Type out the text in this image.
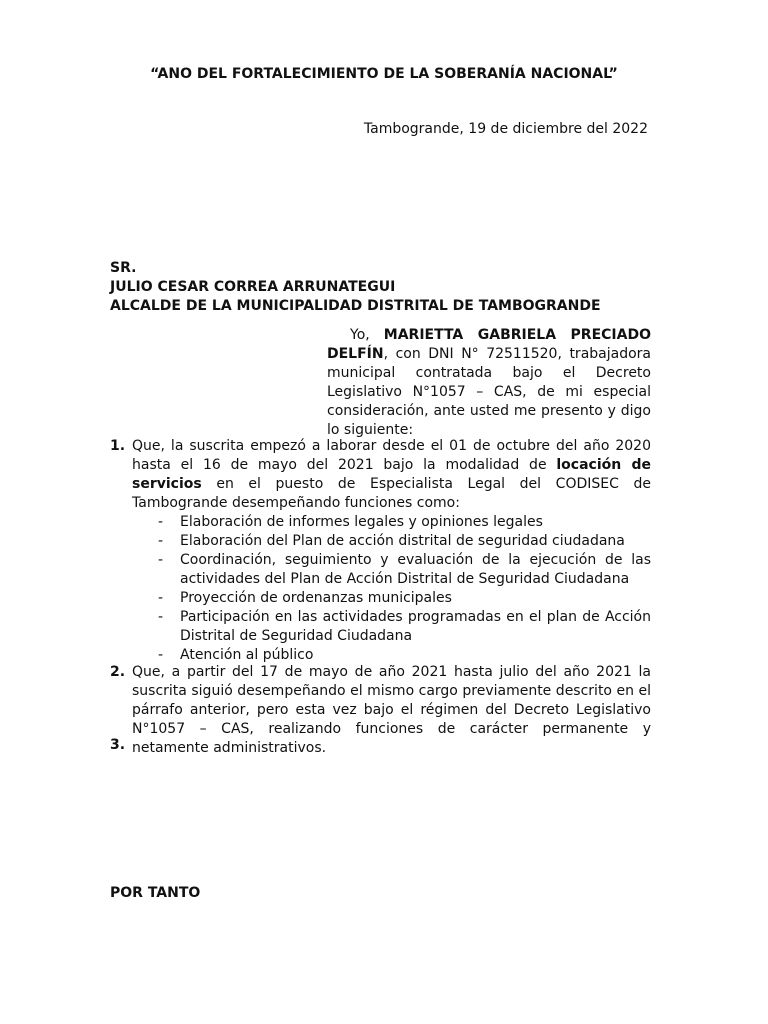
“ANO DEL FORTALECIMIENTO DE LA SOBERANÍA NACIONAL”
Tambogrande, 19 de diciembre del 2022
SR.
JULIO CESAR CORREA ARRUNATEGUI
ALCALDE DE LA MUNICIPALIDAD DISTRITAL DE TAMBOGRANDE
Yo, MARIETTA GABRIELA PRECIADO DELFÍN, con DNI N° 72511520, trabajadora municipal contratada bajo el Decreto Legislativo N°1057 – CAS, de mi especial consideración, ante usted me presento y digo lo siguiente:
1. Que, la suscrita empezó a laborar desde el 01 de octubre del año 2020 hasta el 16 de mayo del 2021 bajo la modalidad de locación de servicios en el puesto de Especialista Legal del CODISEC de Tambogrande desempeñando funciones como:
- Elaboración de informes legales y opiniones legales
- Elaboración del Plan de acción distrital de seguridad ciudadana
- Coordinación, seguimiento y evaluación de la ejecución de las actividades del Plan de Acción Distrital de Seguridad Ciudadana
- Proyección de ordenanzas municipales
- Participación en las actividades programadas en el plan de Acción Distrital de Seguridad Ciudadana
- Atención al público
2. Que, a partir del 17 de mayo de año 2021 hasta julio del año 2021 la suscrita siguió desempeñando el mismo cargo previamente descrito en el párrafo anterior, pero esta vez bajo el régimen del Decreto Legislativo N°1057 – CAS, realizando funciones de carácter permanente y netamente administrativos.
3.
POR TANTO
